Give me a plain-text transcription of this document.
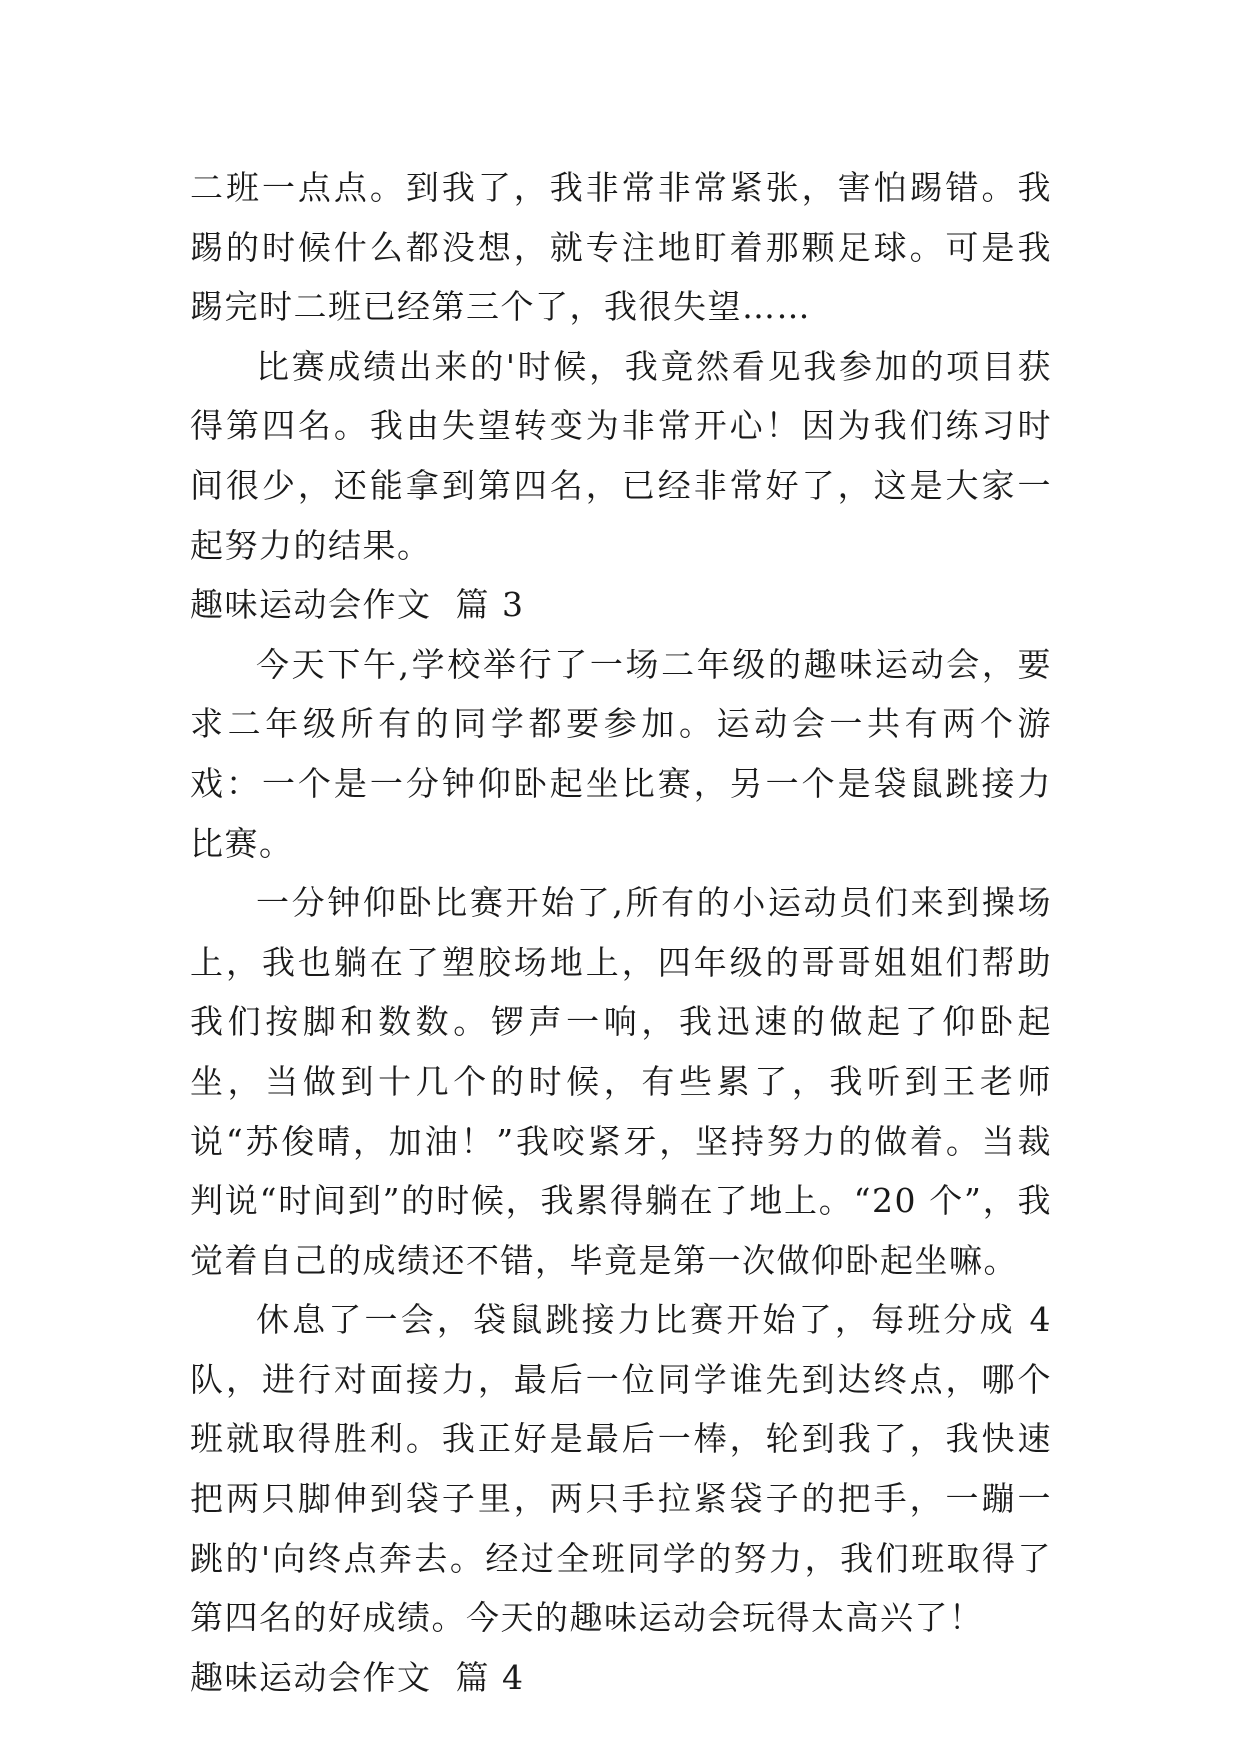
二班一点点。到我了，我非常非常紧张，害怕踢错。我踢的时候什么都没想，就专注地盯着那颗足球。可是我踢完时二班已经第三个了，我很失望……

比赛成绩出来的'时候，我竟然看见我参加的项目获得第四名。我由失望转变为非常开心！因为我们练习时间很少，还能拿到第四名，已经非常好了，这是大家一起努力的结果。

趣味运动会作文  篇 3

今天下午,学校举行了一场二年级的趣味运动会，要求二年级所有的同学都要参加。运动会一共有两个游戏：一个是一分钟仰卧起坐比赛，另一个是袋鼠跳接力比赛。

一分钟仰卧比赛开始了,所有的小运动员们来到操场上，我也躺在了塑胶场地上，四年级的哥哥姐姐们帮助我们按脚和数数。锣声一响，我迅速的做起了仰卧起坐，当做到十几个的时候，有些累了，我听到王老师说“苏俊晴，加油！”我咬紧牙，坚持努力的做着。当裁判说“时间到”的时候，我累得躺在了地上。“20 个”，我觉着自己的成绩还不错，毕竟是第一次做仰卧起坐嘛。

休息了一会，袋鼠跳接力比赛开始了，每班分成 4 队，进行对面接力，最后一位同学谁先到达终点，哪个班就取得胜利。我正好是最后一棒，轮到我了，我快速把两只脚伸到袋子里，两只手拉紧袋子的把手，一蹦一跳的'向终点奔去。经过全班同学的努力，我们班取得了第四名的好成绩。今天的趣味运动会玩得太高兴了！

趣味运动会作文  篇 4
